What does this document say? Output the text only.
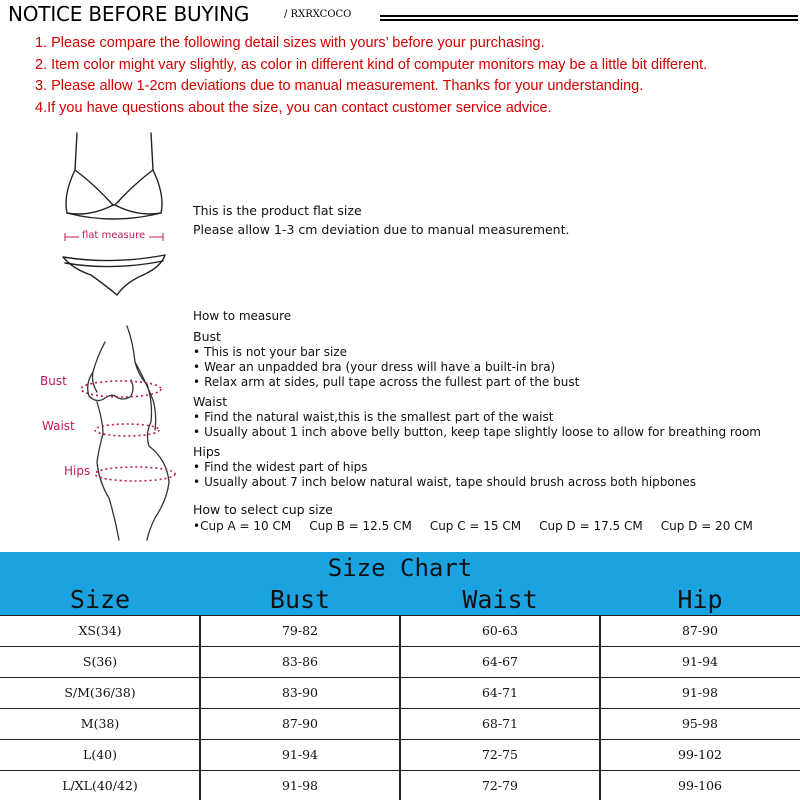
NOTICE BEFORE BUYING	/ RXRXCOCO
1. Please compare the following detail sizes with yours’ before your purchasing.
2. Item color might vary slightly, as color in different kind of computer monitors may be a little bit different.
3. Please allow 1-2cm deviations due to manual measurement. Thanks for your understanding.
4.If you have questions about the size, you can contact customer service advice.
flat measure
This is the product flat size
Please allow 1-3 cm deviation due to manual measurement.
Bust
Waist
Hips
How to measure
Bust
• This is not your bar size
• Wear an unpadded bra (your dress will have a built-in bra)
• Relax arm at sides, pull tape across the fullest part of the bust
Waist
• Find the natural waist,this is the smallest part of the waist
• Usually about 1 inch above belly button, keep tape slightly loose to allow for breathing room
Hips
• Find the widest part of hips
• Usually about 7 inch below natural waist, tape should brush across both hipbones
How to select cup size
• Cup A = 10 CM Cup B = 12.5 CM Cup C = 15 CM Cup D = 17.5 CM Cup D = 20 CM
Size Chart
Size	Bust	Waist	Hip
XS(34)	79-82	60-63	87-90
S(36)	83-86	64-67	91-94
S/M(36/38)	83-90	64-71	91-98
M(38)	87-90	68-71	95-98
L(40)	91-94	72-75	99-102
L/XL(40/42)	91-98	72-79	99-106
